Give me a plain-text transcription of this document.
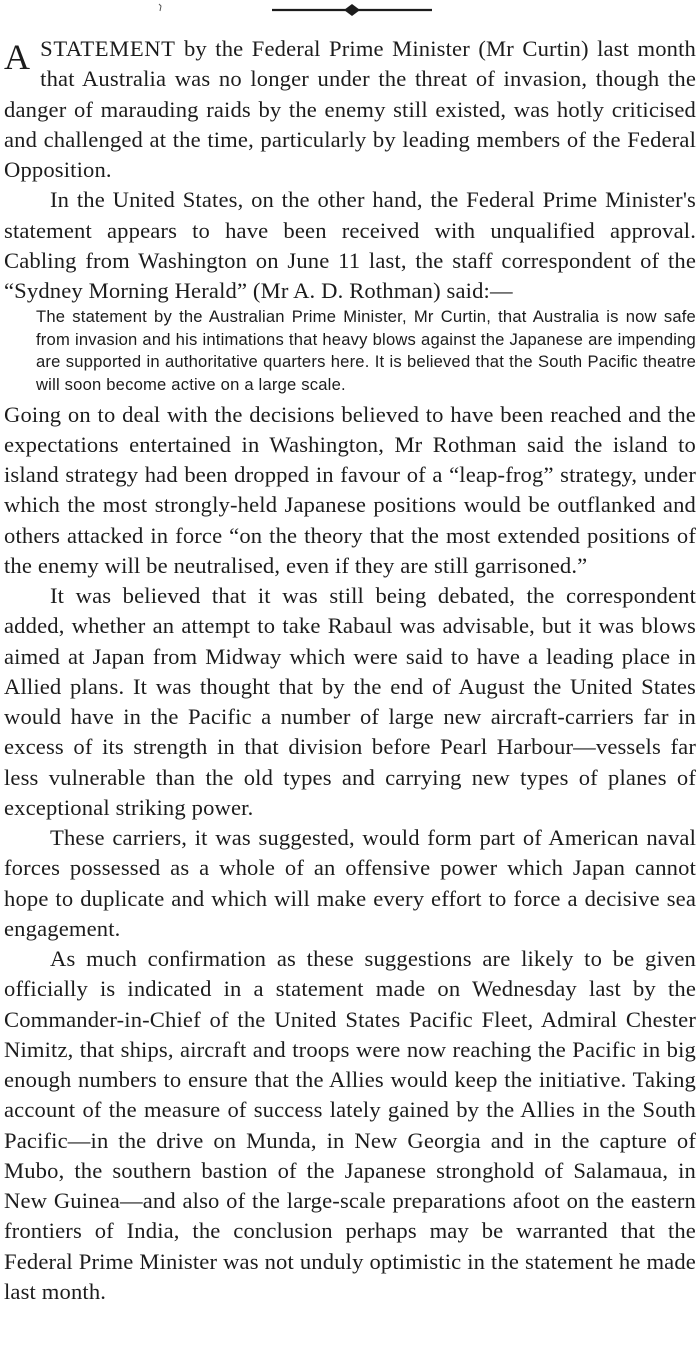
ASTATEMENT by the Federal Prime Minister (Mr Curtin) last month that Australia was no longer under the threat of invasion, though the danger of marauding raids by the enemy still existed, was hotly criticised and challenged at the time, particularly by leading members of the Federal Opposition.

In the United States, on the other hand, the Federal Prime Minister's statement appears to have been received with unqualified approval. Cabling from Washington on June 11 last, the staff correspondent of the “Sydney Morning Herald” (Mr A. D. Rothman) said:—

The statement by the Australian Prime Minister, Mr Curtin, that Australia is now safe from invasion and his intimations that heavy blows against the Japanese are impending are supported in authoritative quarters here. It is believed that the South Pacific theatre will soon become active on a large scale.

Going on to deal with the decisions believed to have been reached and the expectations entertained in Washington, Mr Rothman said the island to island strategy had been dropped in favour of a “leap-frog” strategy, under which the most strongly-held Japanese positions would be outflanked and others attacked in force “on the theory that the most extended positions of the enemy will be neutralised, even if they are still garrisoned.”

It was believed that it was still being debated, the correspondent added, whether an attempt to take Rabaul was advisable, but it was blows aimed at Japan from Midway which were said to have a leading place in Allied plans. It was thought that by the end of August the United States would have in the Pacific a number of large new aircraft-carriers far in excess of its strength in that division before Pearl Harbour—vessels far less vulnerable than the old types and carrying new types of planes of exceptional striking power.

These carriers, it was suggested, would form part of American naval forces possessed as a whole of an offensive power which Japan cannot hope to duplicate and which will make every effort to force a decisive sea engagement.

As much confirmation as these suggestions are likely to be given officially is indicated in a statement made on Wednesday last by the Commander-in-Chief of the United States Pacific Fleet, Admiral Chester Nimitz, that ships, aircraft and troops were now reaching the Pacific in big enough numbers to ensure that the Allies would keep the initiative. Taking account of the measure of success lately gained by the Allies in the South Pacific—in the drive on Munda, in New Georgia and in the capture of Mubo, the southern bastion of the Japanese stronghold of Salamaua, in New Guinea—and also of the large-scale preparations afoot on the eastern frontiers of India, the conclusion perhaps may be warranted that the Federal Prime Minister was not unduly optimistic in the statement he made last month.
